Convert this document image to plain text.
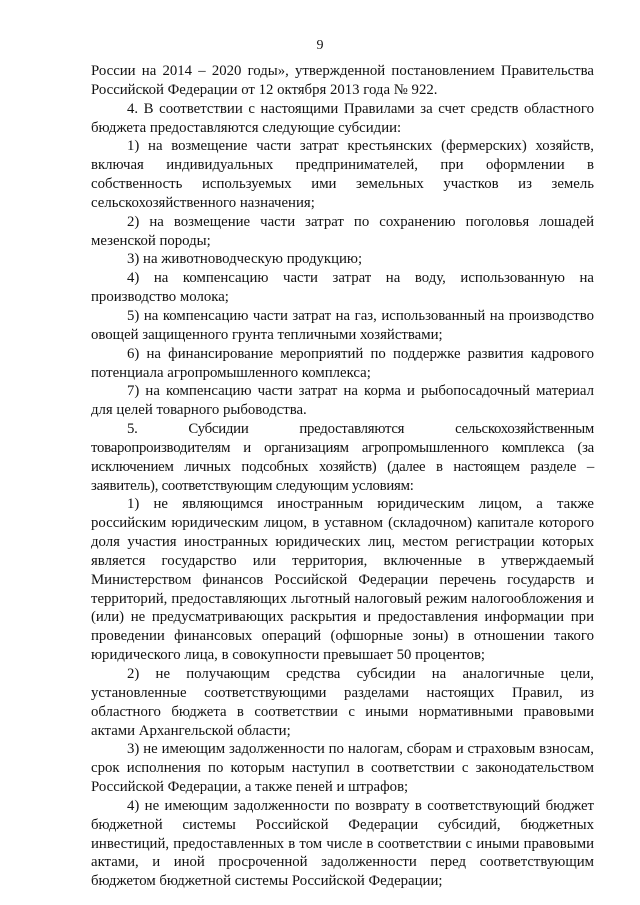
9

России на 2014 – 2020 годы», утвержденной постановлением Правительства Российской Федерации от 12 октября 2013 года № 922.

4. В соответствии с настоящими Правилами за счет средств областного бюджета предоставляются следующие субсидии:

1) на возмещение части затрат крестьянских (фермерских) хозяйств, включая индивидуальных предпринимателей, при оформлении в собственность используемых ими земельных участков из земель сельскохозяйственного назначения;

2) на возмещение части затрат по сохранению поголовья лошадей мезенской породы;

3) на животноводческую продукцию;

4) на компенсацию части затрат на воду, использованную на производство молока;

5) на компенсацию части затрат на газ, использованный на производство овощей защищенного грунта тепличными хозяйствами;

6) на финансирование мероприятий по поддержке развития кадрового потенциала агропромышленного комплекса;

7) на компенсацию части затрат на корма и рыбопосадочный материал для целей товарного рыбоводства.

5. Субсидии предоставляются сельскохозяйственным товаропроизводителям и организациям агропромышленного комплекса (за исключением личных подсобных хозяйств) (далее в настоящем разделе – заявитель), соответствующим следующим условиям:

1) не являющимся иностранным юридическим лицом, а также российским юридическим лицом, в уставном (складочном) капитале которого доля участия иностранных юридических лиц, местом регистрации которых является государство или территория, включенные в утверждаемый Министерством финансов Российской Федерации перечень государств и территорий, предоставляющих льготный налоговый режим налогообложения и (или) не предусматривающих раскрытия и предоставления информации при проведении финансовых операций (офшорные зоны) в отношении такого юридического лица, в совокупности превышает 50 процентов;

2) не получающим средства субсидии на аналогичные цели, установленные соответствующими разделами настоящих Правил, из областного бюджета в соответствии с иными нормативными правовыми актами Архангельской области;

3) не имеющим задолженности по налогам, сборам и страховым взносам, срок исполнения по которым наступил в соответствии с законодательством Российской Федерации, а также пеней и штрафов;

4) не имеющим задолженности по возврату в соответствующий бюджет бюджетной системы Российской Федерации субсидий, бюджетных инвестиций, предоставленных в том числе в соответствии с иными правовыми актами, и иной просроченной задолженности перед соответствующим бюджетом бюджетной системы Российской Федерации;
